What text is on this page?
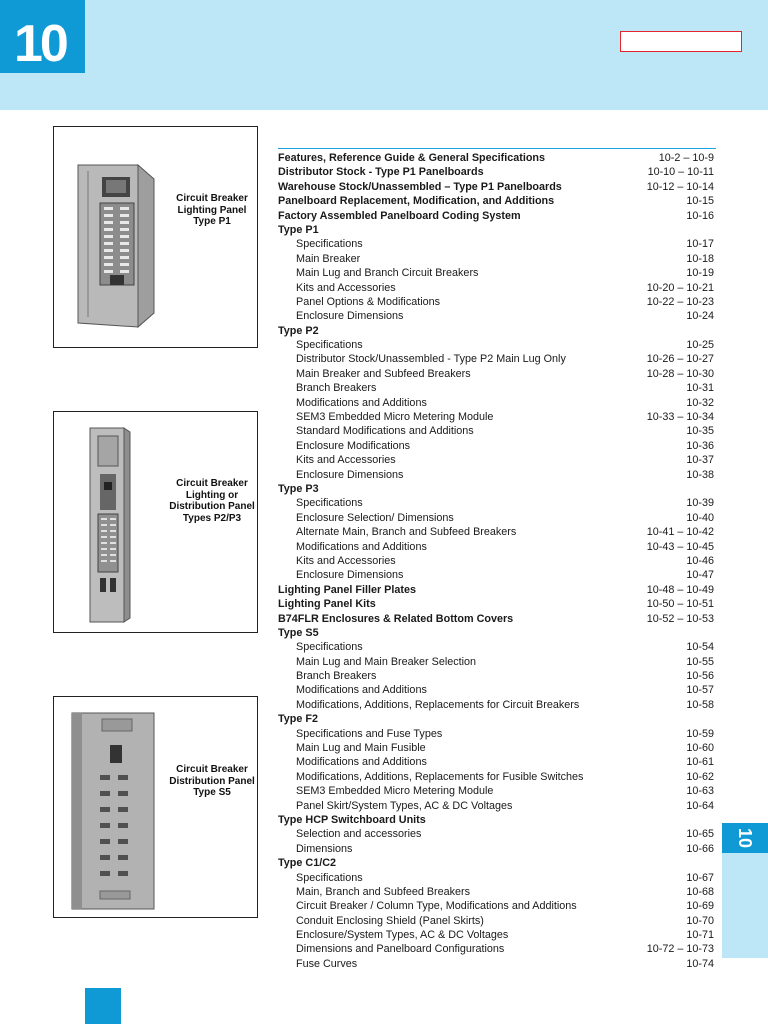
10
Circuit Breaker Lighting Panel Type P1
Circuit Breaker Lighting or Distribution Panel Types P2/P3
Circuit Breaker Distribution Panel Type S5
Features, Reference Guide & General Specifications	10-2 – 10-9
Distributor Stock - Type P1 Panelboards	10-10 – 10-11
Warehouse Stock/Unassembled – Type P1 Panelboards	10-12 – 10-14
Panelboard Replacement, Modification, and Additions	10-15
Factory Assembled Panelboard Coding System	10-16
Type P1
Specifications	10-17
Main Breaker	10-18
Main Lug and Branch Circuit Breakers	10-19
Kits and Accessories	10-20 – 10-21
Panel Options & Modifications	10-22 – 10-23
Enclosure Dimensions	10-24
Type P2
Specifications	10-25
Distributor Stock/Unassembled - Type P2 Main Lug Only	10-26 – 10-27
Main Breaker and Subfeed Breakers	10-28 – 10-30
Branch Breakers	10-31
Modifications and Additions	10-32
SEM3 Embedded Micro Metering Module	10-33 – 10-34
Standard Modifications and Additions	10-35
Enclosure Modifications	10-36
Kits and Accessories	10-37
Enclosure Dimensions	10-38
Type P3
Specifications	10-39
Enclosure Selection/ Dimensions	10-40
Alternate Main, Branch and Subfeed Breakers	10-41 – 10-42
Modifications and Additions	10-43 – 10-45
Kits and Accessories	10-46
Enclosure Dimensions	10-47
Lighting Panel Filler Plates	10-48 – 10-49
Lighting Panel Kits	10-50 – 10-51
B74FLR Enclosures & Related Bottom Covers	10-52 – 10-53
Type S5
Specifications	10-54
Main Lug and Main Breaker Selection	10-55
Branch Breakers	10-56
Modifications and Additions	10-57
Modifications, Additions, Replacements for Circuit Breakers	10-58
Type F2
Specifications and Fuse Types	10-59
Main Lug and Main Fusible	10-60
Modifications and Additions	10-61
Modifications, Additions, Replacements for Fusible Switches	10-62
SEM3 Embedded Micro Metering Module	10-63
Panel Skirt/System Types, AC & DC Voltages	10-64
Type HCP Switchboard Units
Selection and accessories	10-65
Dimensions	10-66
Type C1/C2
Specifications	10-67
Main, Branch and Subfeed Breakers	10-68
Circuit Breaker / Column Type, Modifications and Additions	10-69
Conduit Enclosing Shield (Panel Skirts)	10-70
Enclosure/System Types, AC & DC Voltages	10-71
Dimensions and Panelboard Configurations	10-72 – 10-73
Fuse Curves	10-74
10
